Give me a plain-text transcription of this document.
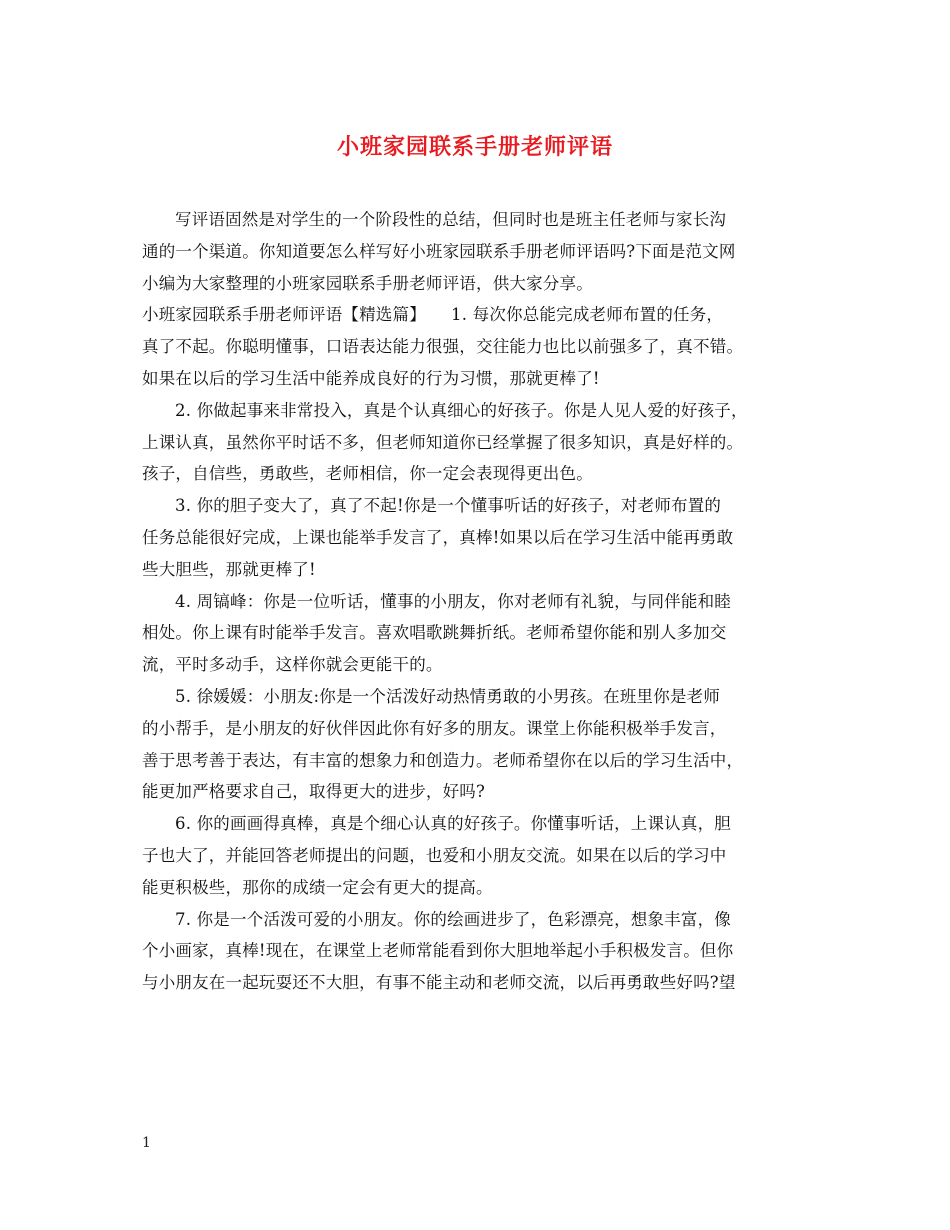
小班家园联系手册老师评语
写评语固然是对学生的一个阶段性的总结，但同时也是班主任老师与家长沟
通的一个渠道。你知道要怎么样写好小班家园联系手册老师评语吗?下面是范文网
小编为大家整理的小班家园联系手册老师评语，供大家分享。
小班家园联系手册老师评语【精选篇】　　1. 每次你总能完成老师布置的任务，
真了不起。你聪明懂事，口语表达能力很强，交往能力也比以前强多了，真不错。
如果在以后的学习生活中能养成良好的行为习惯，那就更棒了!
2. 你做起事来非常投入，真是个认真细心的好孩子。你是人见人爱的好孩子，
上课认真，虽然你平时话不多，但老师知道你已经掌握了很多知识，真是好样的。
孩子，自信些，勇敢些，老师相信，你一定会表现得更出色。
3. 你的胆子变大了，真了不起!你是一个懂事听话的好孩子，对老师布置的
任务总能很好完成，上课也能举手发言了，真棒!如果以后在学习生活中能再勇敢
些大胆些，那就更棒了!
4. 周镐峰：你是一位听话，懂事的小朋友，你对老师有礼貌，与同伴能和睦
相处。你上课有时能举手发言。喜欢唱歌跳舞折纸。老师希望你能和别人多加交
流，平时多动手，这样你就会更能干的。
5. 徐媛媛：小朋友:你是一个活泼好动热情勇敢的小男孩。在班里你是老师
的小帮手，是小朋友的好伙伴因此你有好多的朋友。课堂上你能积极举手发言，
善于思考善于表达，有丰富的想象力和创造力。老师希望你在以后的学习生活中，
能更加严格要求自己，取得更大的进步，好吗?
6. 你的画画得真棒，真是个细心认真的好孩子。你懂事听话，上课认真，胆
子也大了，并能回答老师提出的问题，也爱和小朋友交流。如果在以后的学习中
能更积极些，那你的成绩一定会有更大的提高。
7. 你是一个活泼可爱的小朋友。你的绘画进步了，色彩漂亮，想象丰富，像
个小画家，真棒!现在，在课堂上老师常能看到你大胆地举起小手积极发言。但你
与小朋友在一起玩耍还不大胆，有事不能主动和老师交流，以后再勇敢些好吗?望
1
